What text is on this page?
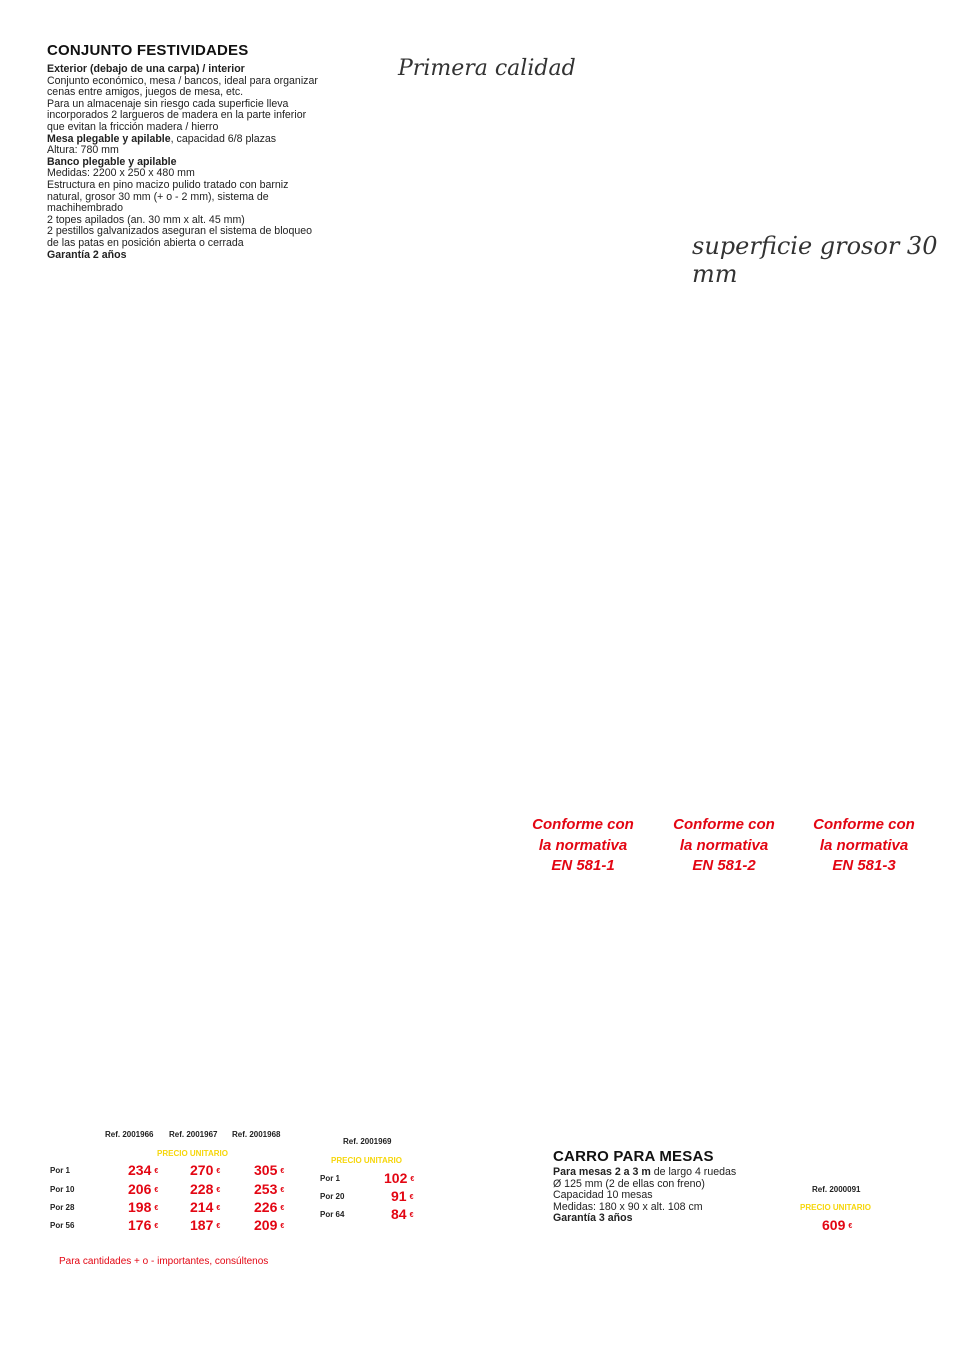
CONJUNTO FESTIVIDADES
Exterior (debajo de una carpa) / interior
Conjunto económico, mesa / bancos, ideal para organizar
cenas entre amigos, juegos de mesa, etc.
Para un almacenaje sin riesgo cada superficie lleva
incorporados 2 largueros de madera en la parte inferior
que evitan la fricción madera / hierro
Mesa plegable y apilable, capacidad 6/8 plazas
Altura: 780 mm
Banco plegable y apilable
Medidas: 2200 x 250 x 480 mm
Estructura en pino macizo pulido tratado con barniz
natural, grosor 30 mm (+ o - 2 mm), sistema de
machihembrado
2 topes apilados (an. 30 mm x alt. 45 mm)
2 pestillos galvanizados aseguran el sistema de bloqueo
de las patas en posición abierta o cerrada
Garantía 2 años
Primera calidad
superficie grosor 30 mm
Conforme con
la normativa
EN 581-1
Conforme con
la normativa
EN 581-2
Conforme con
la normativa
EN 581-3
Ref. 2001966 Ref. 2001967 Ref. 2001968
PRECIO UNITARIO
Por 1
Por 10
Por 28
Por 56
234 €
206 €
198 €
176 €
270 €
228 €
214 €
187 €
305 €
253 €
226 €
209 €
Ref. 2001969
PRECIO UNITARIO
Por 1
Por 20
Por 64
102 €
91 €
84 €
Para cantidades + o - importantes, consúltenos
CARRO PARA MESAS
Para mesas 2 a 3 m de largo 4 ruedas
Ø 125 mm (2 de ellas con freno)
Capacidad 10 mesas
Medidas: 180 x 90 x alt. 108 cm
Garantía 3 años
Ref. 2000091
PRECIO UNITARIO
609 €
